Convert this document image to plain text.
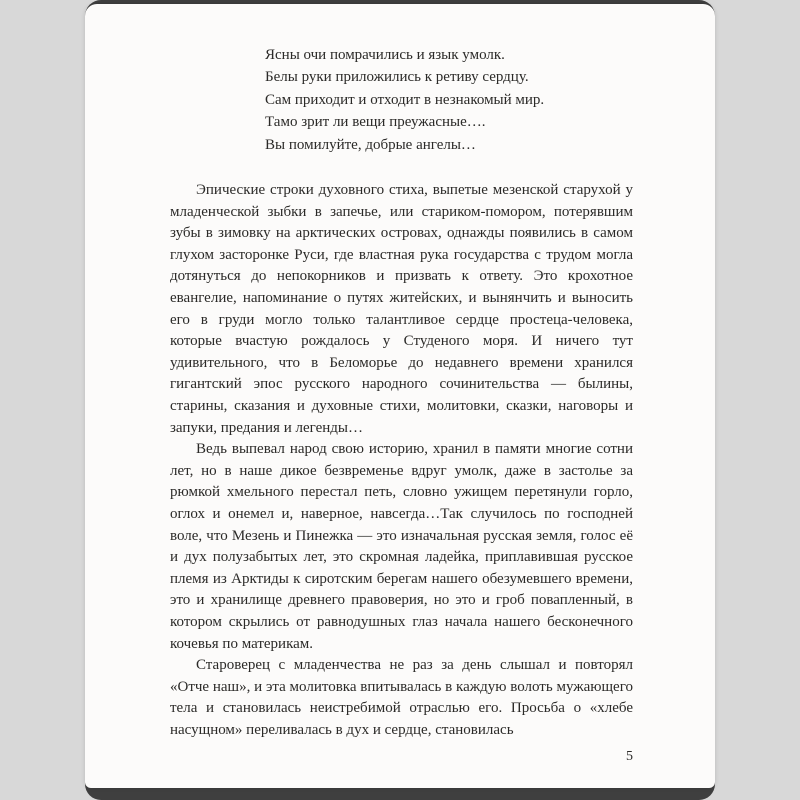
Ясны очи помрачились и язык умолк.
Белы руки приложились к ретиву сердцу.
Сам приходит и отходит в незнакомый мир.
Тамо зрит ли вещи преужасные….
Вы помилуйте, добрые ангелы…

Эпические строки духовного стиха, выпетые мезенской старухой у младенческой зыбки в запечье, или стариком-помором, потерявшим зубы в зимовку на арктических островах, однажды появились в самом глухом засторонке Руси, где властная рука государства с трудом могла дотянуться до непокорников и призвать к ответу. Это крохотное евангелие, напоминание о путях житейских, и вынянчить и выносить его в груди могло только талантливое сердце простеца-человека, которые вчастую рождалось у Студеного моря. И ничего тут удивительного, что в Беломорье до недавнего времени хранился гигантский эпос русского народного сочинительства — былины, старины, сказания и духовные стихи, молитовки, сказки, наговоры и запуки, предания и легенды…

Ведь выпевал народ свою историю, хранил в памяти многие сотни лет, но в наше дикое безвременье вдруг умолк, даже в застолье за рюмкой хмельного перестал петь, словно ужищем перетянули горло, оглох и онемел и, наверное, навсегда…Так случилось по господней воле, что Мезень и Пинежка — это изначальная русская земля, голос её и дух полузабытых лет, это скромная ладейка, приплавившая русское племя из Арктиды к сиротским берегам нашего обезумевшего времени, это и хранилище древнего правоверия, но это и гроб повапленный, в котором скрылись от равнодушных глаз начала нашего бесконечного кочевья по материкам.

Староверец с младенчества не раз за день слышал и повторял «Отче наш», и эта молитовка впитывалась в каждую волоть мужающего тела и становилась неистребимой отраслью его. Просьба о «хлебе насущном» переливалась в дух и сердце, становилась

5
